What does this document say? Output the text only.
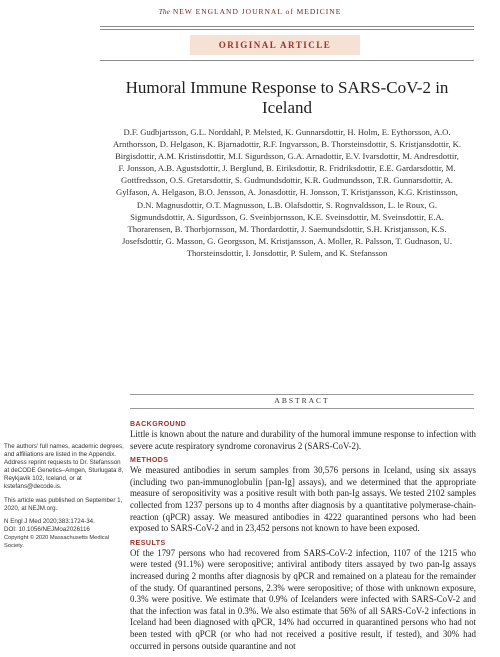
The NEW ENGLAND JOURNAL of MEDICINE
ORIGINAL ARTICLE
Humoral Immune Response to SARS-CoV-2 in Iceland
D.F. Gudbjartsson, G.L. Norddahl, P. Melsted, K. Gunnarsdottir, H. Holm, E. Eythorsson, A.O. Arnthorsson, D. Helgason, K. Bjarnadottir, R.F. Ingvarsson, B. Thorsteinsdottir, S. Kristjansdottir, K. Birgisdottir, A.M. Kristinsdottir, M.I. Sigurdsson, G.A. Arnadottir, E.V. Ivarsdottir, M. Andresdottir, F. Jonsson, A.B. Agustsdottir, J. Berglund, B. Eiriksdottir, R. Fridriksdottir, E.E. Gardarsdottir, M. Gottfredsson, O.S. Gretarsdottir, S. Gudmundsdottir, K.R. Gudmundsson, T.R. Gunnarsdottir, A. Gylfason, A. Helgason, B.O. Jensson, A. Jonasdottir, H. Jonsson, T. Kristjansson, K.G. Kristinsson, D.N. Magnusdottir, O.T. Magnusson, L.B. Olafsdottir, S. Rognvaldsson, L. le Roux, G. Sigmundsdottir, A. Sigurdsson, G. Sveinbjornsson, K.E. Sveinsdottir, M. Sveinsdottir, E.A. Thorarensen, B. Thorbjornsson, M. Thordardottir, J. Saemundsdottir, S.H. Kristjansson, K.S. Josefsdottir, G. Masson, G. Georgsson, M. Kristjansson, A. Moller, R. Palsson, T. Gudnason, U. Thorsteinsdottir, I. Jonsdottir, P. Sulem, and K. Stefansson
ABSTRACT

The authors' full names, academic degrees, and affiliations are listed in the Appendix. Address reprint requests to Dr. Stefansson at deCODE Genetics–Amgen, Sturlugata 8, Reykjavik 102, Iceland, or at kstefans@decode.is.

This article was published on September 1, 2020, at NEJM.org.

N Engl J Med 2020;383:1724-34.
DOI: 10.1056/NEJMoa2026116
Copyright © 2020 Massachusetts Medical Society.

BACKGROUND

Little is known about the nature and durability of the humoral immune response to infection with severe acute respiratory syndrome coronavirus 2 (SARS-CoV-2).

METHODS

We measured antibodies in serum samples from 30,576 persons in Iceland, using six assays (including two pan-immunoglobulin [pan-Ig] assays), and we determined that the appropriate measure of seropositivity was a positive result with both pan-Ig assays. We tested 2102 samples collected from 1237 persons up to 4 months after diagnosis by a quantitative polymerase-chain-reaction (qPCR) assay. We measured antibodies in 4222 quarantined persons who had been exposed to SARS-CoV-2 and in 23,452 persons not known to have been exposed.

RESULTS

Of the 1797 persons who had recovered from SARS-CoV-2 infection, 1107 of the 1215 who were tested (91.1%) were seropositive; antiviral antibody titers assayed by two pan-Ig assays increased during 2 months after diagnosis by qPCR and remained on a plateau for the remainder of the study. Of quarantined persons, 2.3% were seropositive; of those with unknown exposure, 0.3% were positive. We estimate that 0.9% of Icelanders were infected with SARS-CoV-2 and that the infection was fatal in 0.3%. We also estimate that 56% of all SARS-CoV-2 infections in Iceland had been diagnosed with qPCR, 14% had occurred in quarantined persons who had not been tested with qPCR (or who had not received a positive result, if tested), and 30% had occurred in persons outside quarantine and not
